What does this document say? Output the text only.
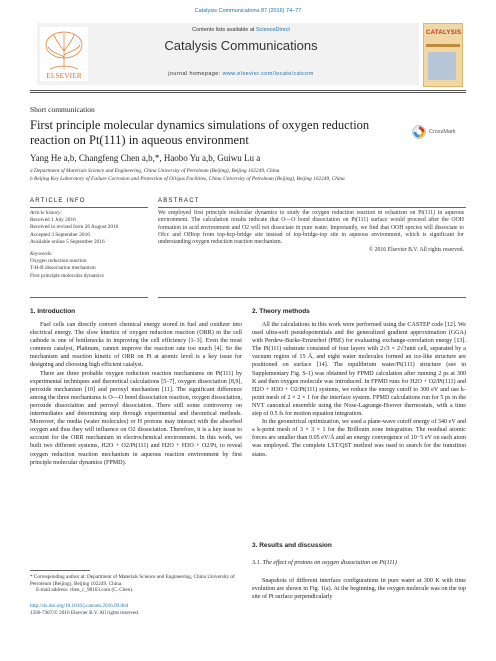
Catalysis Communications 87 (2016) 74–77
ELSEVIER
Contents lists available at ScienceDirect
Catalysis Communications
journal homepage: www.elsevier.com/locate/catcom
CATALYSIS
Short communication
First principle molecular dynamics simulations of oxygen reduction reaction on Pt(111) in aqueous environment
CrossMark
Yang He a,b, Changfeng Chen a,b,*, Haobo Yu a,b, Guiwu Lu a
a Department of Materials Science and Engineering, China University of Petroleum (Beijing), Beijing 102249, China
b Beijing Key Laboratory of Failure Corrosion and Protection of Oil/gas Facilities, China University of Petroleum (Beijing), Beijing 102249, China
ARTICLE INFO	ABSTRACT
Article history:
Received 1 July 2016
Received in revised form 26 August 2016
Accepted 3 September 2016
Available online 5 September 2016
Keywords:
Oxygen reduction reaction
T-H-B dissociation mechanism
First principle molecular dynamics
We employed first principle molecular dynamics to study the oxygen reduction reaction m echanism on Pt(111) in aqueous environment. The calculation results indicate that O—O bond dissociation on Pt(111) surface would proceed after the OOH formation in acid environment and O2 will not dissociate in pure water. Importantly, we find that OOH species will dissociate to Ofcc and OHtop from top-hcp-bridge site instead of top-bridge-top site in aqueous environment, which is significant for understanding oxygen reduction reaction mechanism.
© 2016 Elsevier B.V. All rights reserved.
1. Introduction

Fuel cells can directly convert chemical energy stored in fuel and oxidizer into electrical energy. The slow kinetics of oxygen reduction reaction (ORR) in the cell cathode is one of bottlenecks in improving the cell efficiency [1–3]. Even the most common catalyst, Platinum, cannot improve the reaction rate too much [4]. So the mechanism and reaction kinetic of ORR on Pt at atomic level is a key issue for designing and choosing high efficient catalyst.

There are three probable oxygen reduction reaction mechanisms on Pt(111) by experimental techniques and theoretical calculations [5–7], oxygen dissociation [8,9], peroxide mechanism [10] and peroxyl mechanism [11]. The significant difference among the three mechanisms is O—O bond dissociation reaction, oxygen dissociation, peroxide dissociation and peroxyl dissociation. There still some controversy on intermediates and determining step through experimental and theoretical methods. Moreover, the media (water molecules) or H protons may interact with the absorbed oxygen and thus they will influence on O2 dissociation. Therefore, it is a key issue to account for the ORR mechanism in electrochemical environment. In this work, we built two different systems, H2O + O2/Pt(111) and H2O + H3O + O2/Pt, to reveal oxygen reduction reaction mechanism in aqueous reaction environment by first principle molecular dynamics (FPMD).

* Corresponding author at: Department of Materials Science and Engineering, China University of Petroleum (Beijing), Beijing 102249, China.
E-mail address: chen_c_98163.com (C. Chen).
http://dx.doi.org/10.1016/j.catcom.2016.09.004
1566-7367/© 2016 Elsevier B.V. All rights reserved.
2. Theory methods

All the calculations in this work were performed using the CASTEP code [12]. We used ultra-soft pseudopotentials and the generalized gradient approximation (GGA) with Perdew-Burke-Ernzerhof (PBE) for evaluating exchange-correlation energy [13]. The Pt(111) substrate consisted of four layers with 2√3 × 2√3unit cell, separated by a vacuum region of 15 Å, and eight water molecules formed an ice-like structure are positioned on surface [14]. The equilibrium water/Pt(111) structure (see in Supplementary Fig. S-1) was obtained by FPMD calculation after running 2 ps at 300 K and then oxygen molecule was introduced. In FPMD runs for H2O + O2/Pt(111) and H2O + H3O + O2/Pt(111) systems, we reduce the energy cutoff to 300 eV and use k-point mesh of 2 × 2 × 1 for the interface system. FPMD calculations run for 5 ps in the NVT canonical ensemble using the Nose-Lagrange-Hoover thermostats, with a time step of 0.5 fs for motion equation integration.

In the geometrical optimization, we used a plane-wave cutoff energy of 340 eV and a k-point mesh of 3 × 3 × 1 for the Brillouin zone integration. The residual atomic forces are smaller than 0.05 eV/Å and an energy convergence of 10−5 eV on each atom was employed. The complete LST/QST method was used to search for the transition states.

3. Results and discussion
3.1. The effect of protons on oxygen dissociation on Pt(111)

Snapshots of different interface configurations in pure water at 300 K with time evolution are shown in Fig. 1(a). At the beginning, the oxygen molecule was on the top site of Pt surface perpendicularly
